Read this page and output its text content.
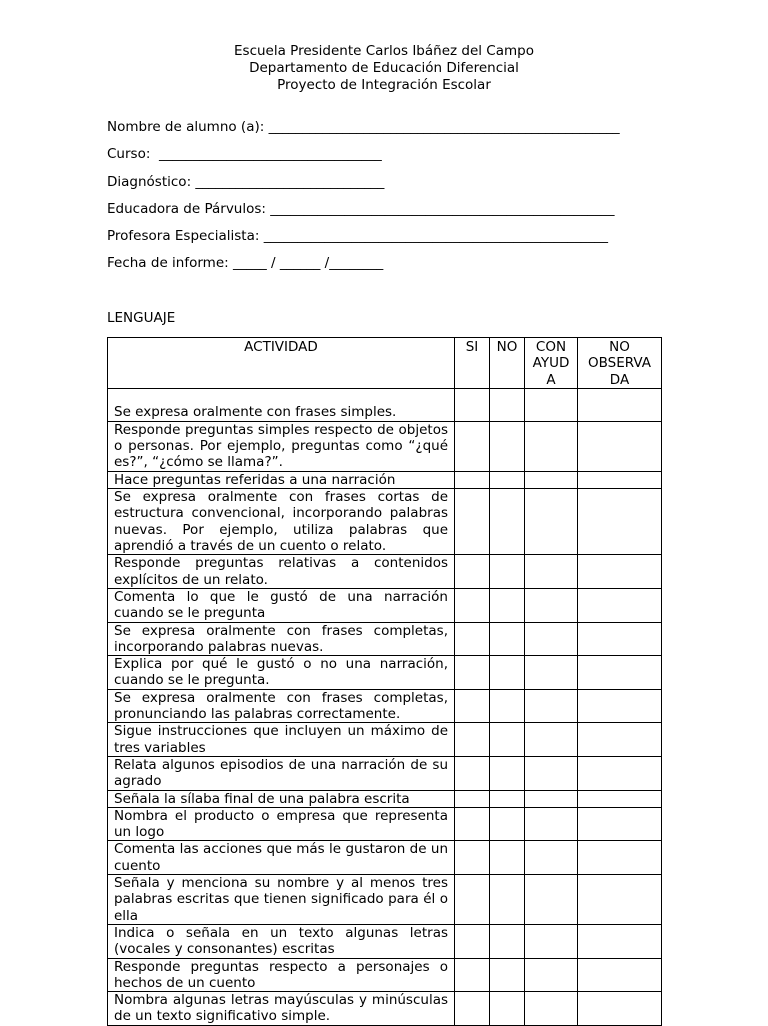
Escuela Presidente Carlos Ibáñez del Campo
Departamento de Educación Diferencial
Proyecto de Integración Escolar
Nombre de alumno (a): ____________________________________________________
Curso:  _________________________________
Diagnóstico: ____________________________
Educadora de Párvulos: ___________________________________________________
Profesora Especialista: ___________________________________________________
Fecha de informe: _____ / ______ /________
LENGUAJE
ACTIVIDAD	SI	NO	CON AYUD A	NO OBSERVA DA
Se expresa oralmente con frases simples.				
Responde preguntas simples respecto de objetos o personas. Por ejemplo, preguntas como “¿qué es?”, “¿cómo se llama?”.				
Hace preguntas referidas a una narración				
Se expresa oralmente con frases cortas de estructura convencional, incorporando palabras nuevas. Por ejemplo, utiliza palabras que aprendió a través de un cuento o relato.				
Responde preguntas relativas a contenidos explícitos de un relato.				
Comenta lo que le gustó de una narración cuando se le pregunta				
Se expresa oralmente con frases completas, incorporando palabras nuevas.				
Explica por qué le gustó o no una narración, cuando se le pregunta.				
Se expresa oralmente con frases completas, pronunciando las palabras correctamente.				
Sigue instrucciones que incluyen un máximo de tres variables				
Relata algunos episodios de una narración de su agrado				
Señala la sílaba final de una palabra escrita				
Nombra el producto o empresa que representa un logo				
Comenta las acciones que más le gustaron de un cuento				
Señala y menciona su nombre y al menos tres palabras escritas que tienen significado para él o ella				
Indica o señala en un texto algunas letras (vocales y consonantes) escritas				
Responde preguntas respecto a personajes o hechos de un cuento				
Nombra algunas letras mayúsculas y minúsculas de un texto significativo simple.				
